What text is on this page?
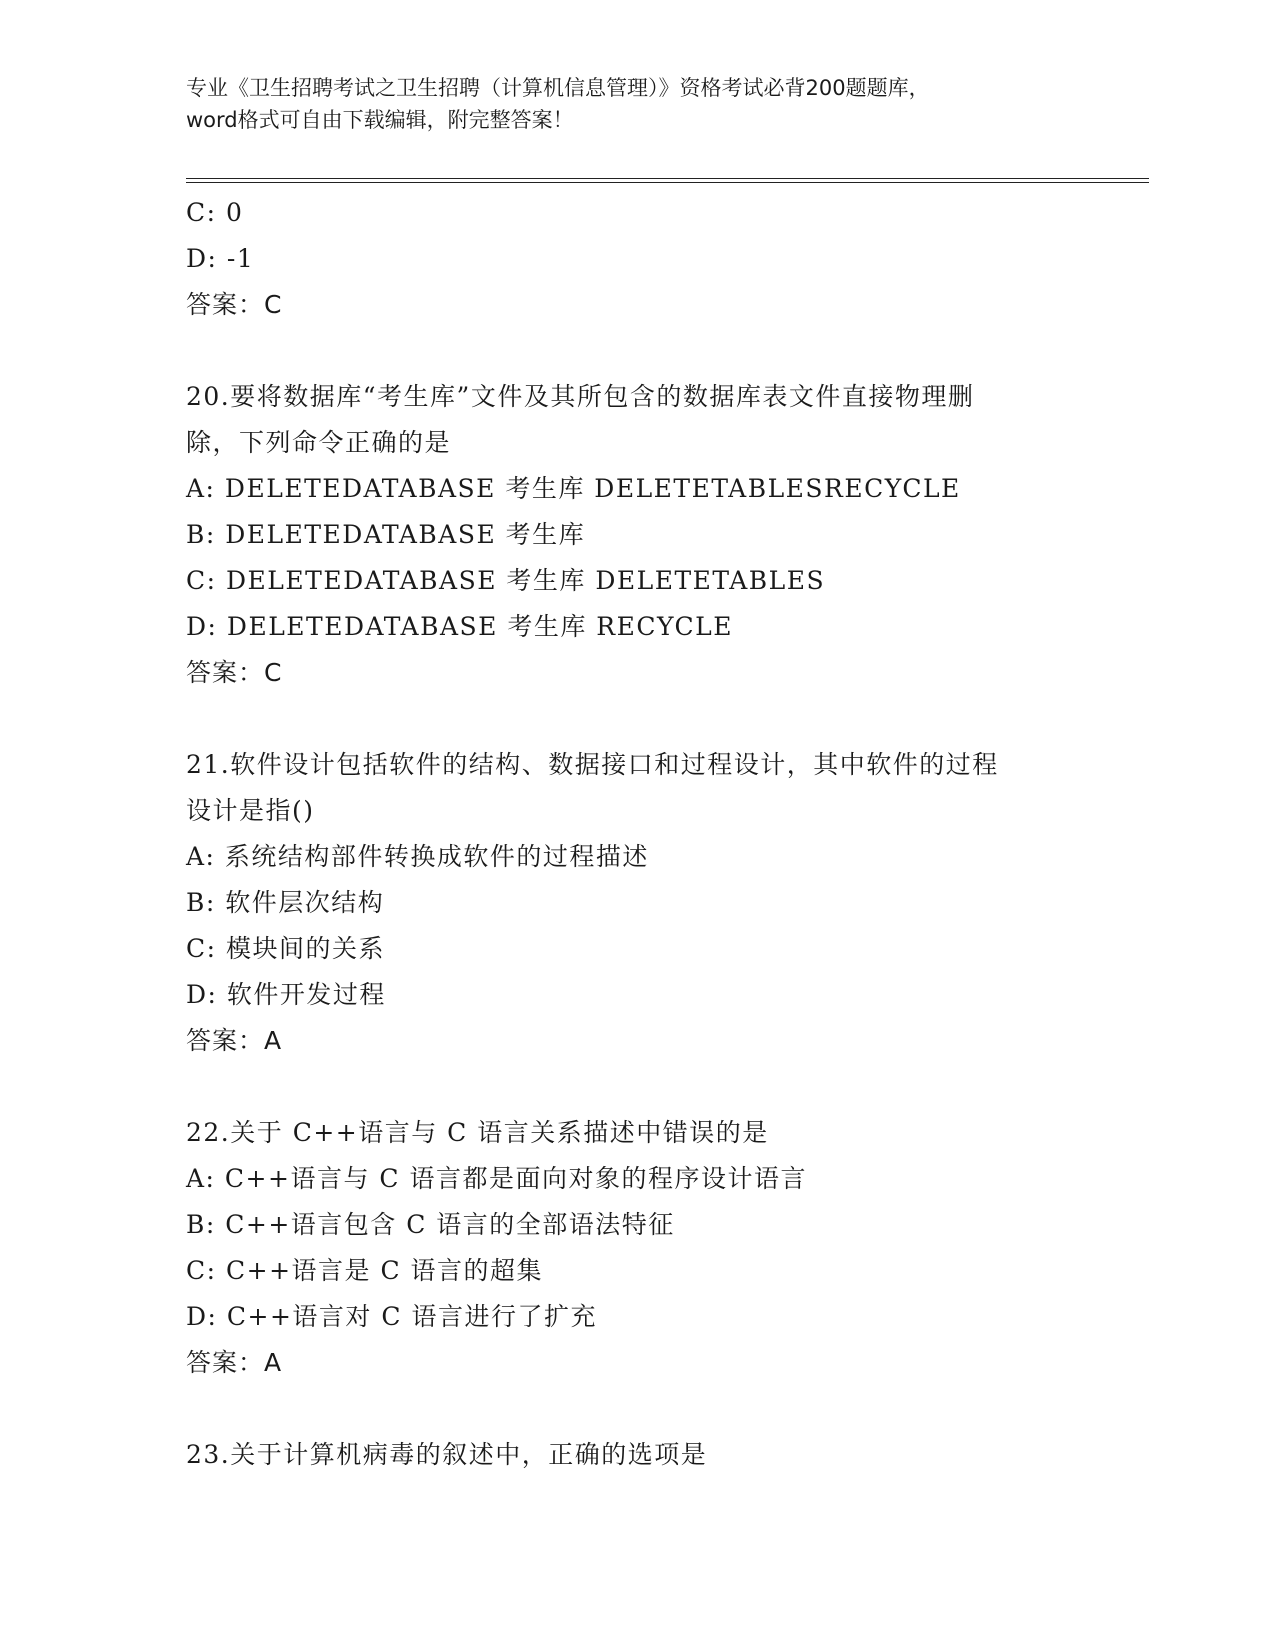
专业《卫生招聘考试之卫生招聘（计算机信息管理）》资格考试必背200题题库，
word格式可自由下载编辑，附完整答案！
C: 0
D: -1
答案：C
20.要将数据库“考生库”文件及其所包含的数据库表文件直接物理删
除，下列命令正确的是
A: DELETEDATABASE 考生库 DELETETABLESRECYCLE
B: DELETEDATABASE 考生库
C: DELETEDATABASE 考生库 DELETETABLES
D: DELETEDATABASE 考生库 RECYCLE
答案：C
21.软件设计包括软件的结构、数据接口和过程设计，其中软件的过程
设计是指()
A: 系统结构部件转换成软件的过程描述
B: 软件层次结构
C: 模块间的关系
D: 软件开发过程
答案：A
22.关于 C++语言与 C 语言关系描述中错误的是
A: C++语言与 C 语言都是面向对象的程序设计语言
B: C++语言包含 C 语言的全部语法特征
C: C++语言是 C 语言的超集
D: C++语言对 C 语言进行了扩充
答案：A
23.关于计算机病毒的叙述中，正确的选项是
